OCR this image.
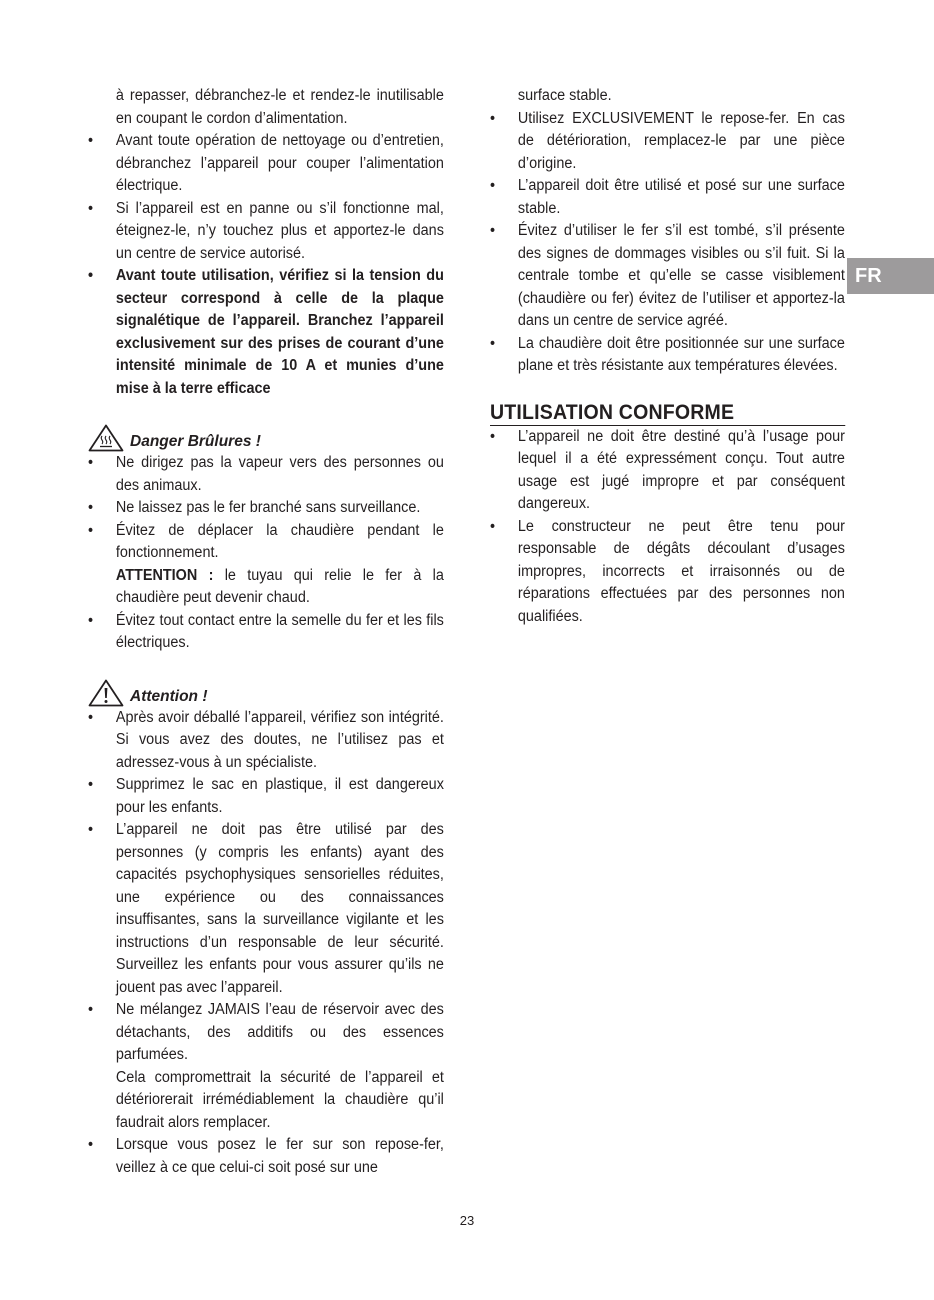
à repasser, débranchez-le et rendez-le inutilisable en coupant le cordon d’alimentation.

• Avant toute opération de nettoyage ou d’entretien, débranchez l’appareil pour couper l’alimentation électrique.

• Si l’appareil est en panne ou s’il fonctionne mal, éteignez-le, n’y touchez plus et apportez-le dans un centre de service autorisé.

• Avant toute utilisation, vérifiez si la tension du secteur correspond à celle de la plaque signalétique de l’appareil. Branchez l’appareil exclusivement sur des prises de courant d’une intensité minimale de 10 A et munies d’une mise à la terre efficace

Danger Brûlures !
• Ne dirigez pas la vapeur vers des personnes ou des animaux.

• Ne laissez pas le fer branché sans surveillance.

• Évitez de déplacer la chaudière pendant le fonctionnement.

ATTENTION : le tuyau qui relie le fer à la chaudière peut devenir chaud.

• Évitez tout contact entre la semelle du fer et les fils électriques.

Attention !
• Après avoir déballé l’appareil, vérifiez son intégrité. Si vous avez des doutes, ne l’utilisez pas et adressez-vous à un spécialiste.

• Supprimez le sac en plastique, il est dangereux pour les enfants.

• L’appareil ne doit pas être utilisé par des personnes (y compris les enfants) ayant des capacités psychophysiques sensorielles réduites, une expérience ou des connaissances insuffisantes, sans la surveillance vigilante et les instructions d’un responsable de leur sécurité. Surveillez les enfants pour vous assurer qu’ils ne jouent pas avec l’appareil.

• Ne mélangez JAMAIS l’eau de réservoir avec des détachants, des additifs ou des essences parfumées.

Cela compromettrait la sécurité de l’appareil et détériorerait irrémédiablement la chaudière qu’il faudrait alors remplacer.

• Lorsque vous posez le fer sur son repose-fer, veillez à ce que celui-ci soit posé sur une

surface stable.

• Utilisez EXCLUSIVEMENT le repose-fer. En cas de détérioration, remplacez-le par une pièce d’origine.

• L’appareil doit être utilisé et posé sur une surface stable.

• Évitez d’utiliser le fer s’il est tombé, s’il présente des signes de dommages visibles ou s’il fuit. Si la centrale tombe et qu’elle se casse visiblement (chaudière ou fer) évitez de l’utiliser et apportez-la dans un centre de service agréé.

• La chaudière doit être positionnée sur une surface plane et très résistante aux températures élevées.

UTILISATION CONFORME
• L’appareil ne doit être destiné qu’à l’usage pour lequel il a été expressément conçu. Tout autre usage est jugé impropre et par conséquent dangereux.

• Le constructeur ne peut être tenu pour responsable de dégâts découlant d’usages impropres, incorrects et irraisonnés ou de réparations effectuées par des personnes non qualifiées.

FR
23
